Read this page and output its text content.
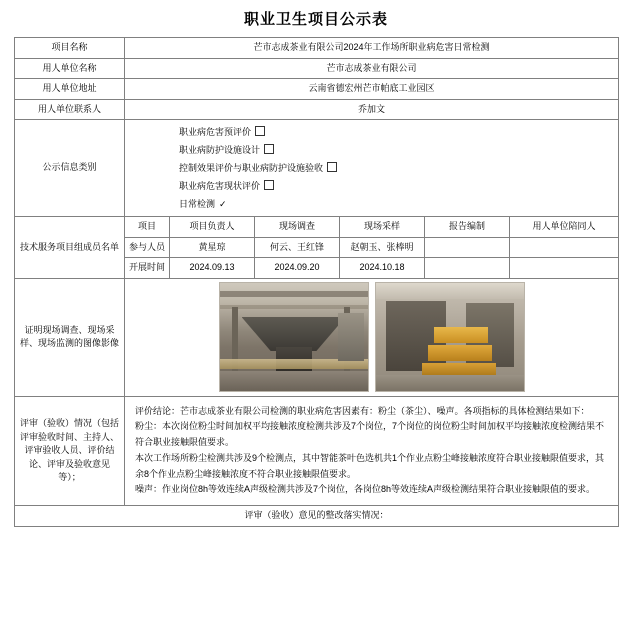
职业卫生项目公示表
项目名称	芒市志成茶业有限公司2024年工作场所职业病危害日常检测					
用人单位名称	芒市志成茶业有限公司					
用人单位地址	云南省德宏州芒市帕底工业园区					
用人单位联系人	乔加文					
公示信息类别	职业病危害预评价
职业病防护设施设计
控制效果评价与职业病防护设施验收
职业病危害现状评价
日常检测 ✓					

技术服务项目组成员名单	项目	项目负责人	现场调查	现场采样	报告编制	用人单位陪同人
	参与人员	黄星琼	何云、王红锋	赵朝玉、张棒明		
	开展时间	2024.09.13	2024.09.20	2024.10.18		
证明现场调查、现场采样、现场监测的图像影像						

评审（验收）情况（包括评审验收时间、主持人、评审验收人员、评价结论、评审及验收意见等）；	评价结论：芒市志成茶业有限公司检测的职业病危害因素有：粉尘（茶尘）、噪声。各项指标的具体检测结果如下：

粉尘：本次岗位粉尘时间加权平均接触浓度检测共涉及7个岗位，7个岗位的岗位粉尘时间加权平均接触浓度检测结果不符合职业接触限值要求。

本次工作场所粉尘检测共涉及9个检测点，其中智能茶叶色选机共1个作业点粉尘峰接触浓度符合职业接触限值要求，其余8个作业点粉尘峰接触浓度不符合职业接触限值要求。

噪声：作业岗位8h等效连续A声级检测共涉及7个岗位，各岗位8h等效连续A声级检测结果符合职业接触限值的要求。					

评审（验收）意见的整改落实情况：						
